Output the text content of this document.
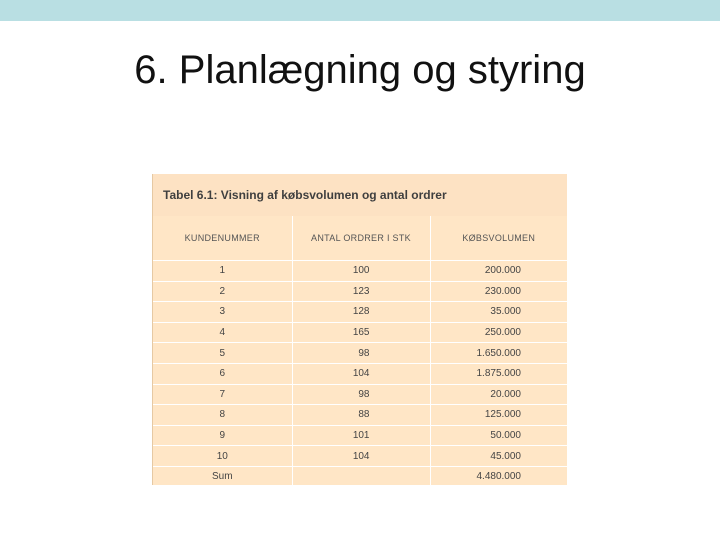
6. Planlægning og styring
Tabel 6.1: Visning af købsvolumen og antal ordrer
KUNDENUMMER	ANTAL ORDRER I STK	KØBSVOLUMEN
1	100	200.000
2	123	230.000
3	128	35.000
4	165	250.000
5	98	1.650.000
6	104	1.875.000
7	98	20.000
8	88	125.000
9	101	50.000
10	104	45.000
Sum		4.480.000
